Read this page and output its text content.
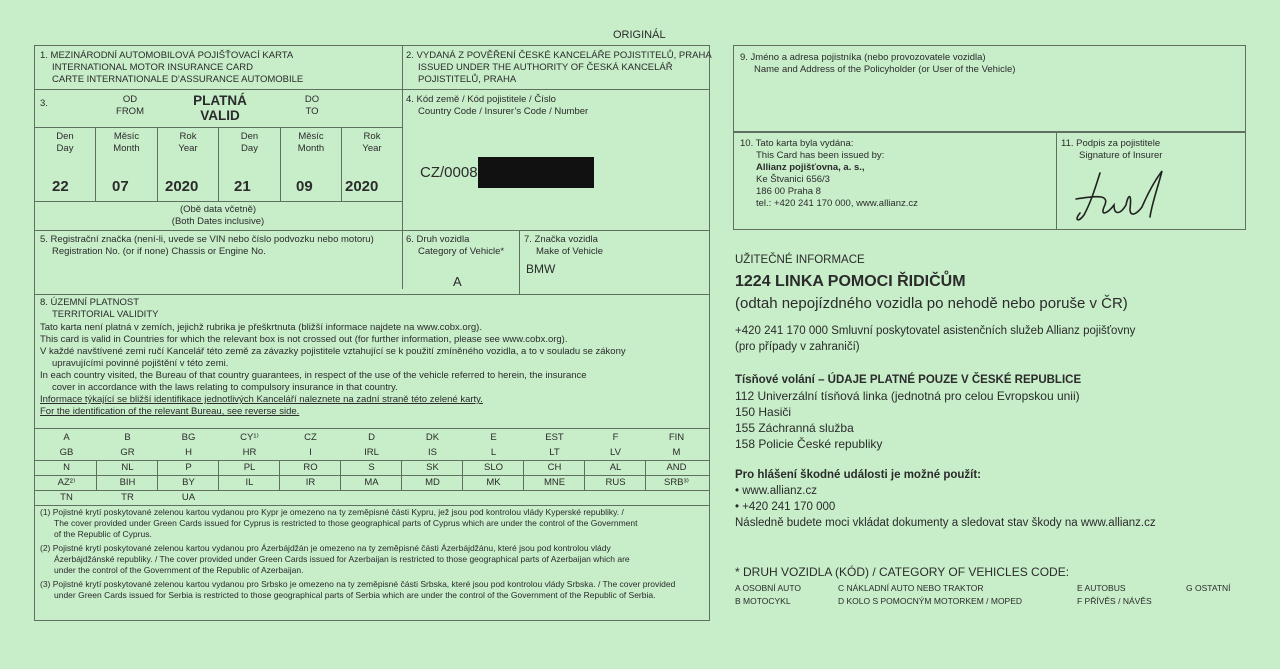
ORIGINÁL
1. MEZINÁRODNÍ AUTOMOBILOVÁ POJIŠŤOVACÍ KARTA
INTERNATIONAL MOTOR INSURANCE CARD
CARTE INTERNATIONALE D’ASSURANCE AUTOMOBILE
2. VYDANÁ Z POVĚŘENÍ ČESKÉ KANCELÁŘE POJISTITELŮ, PRAHA
ISSUED UNDER THE AUTHORITY OF ČESKÁ KANCELÁŘ
POJISTITELŮ, PRAHA
3.	OD
FROM
PLATNÁ
VALID
DO
TO
Den
Day
Měsíc
Month
Rok
Year
Den
Day
Měsíc
Month
Rok
Year
22	07 2020 21	09 2020
(Obě data včetně)
(Both Dates inclusive)
4. Kód země / Kód pojistitele / Číslo
Country Code / Insurer’s Code / Number
CZ/0008
5. Registrační značka (není-li, uvede se VIN nebo číslo podvozku nebo motoru)
Registration No. (or if none) Chassis or Engine No.
6. Druh vozidla
Category of Vehicle*
A
7. Značka vozidla
Make of Vehicle
BMW
8. ÚZEMNÍ PLATNOST
TERRITORIAL VALIDITY
Tato karta není platná v zemích, jejichž rubrika je přeškrtnuta (bližší informace najdete na www.cobx.org).
This card is valid in Countries for which the relevant box is not crossed out (for further information, please see www.cobx.org).
V každé navštívené zemi ručí Kancelář této země za závazky pojistitele vztahující se k použití zmíněného vozidla, a to v souladu se zákony
upravujícími povinné pojištění v této zemi.
In each country visited, the Bureau of that country guarantees, in respect of the use of the vehicle referred to herein, the insurance
cover in accordance with the laws relating to compulsory insurance in that country.
Informace týkající se bližší identifikace jednotlivých Kanceláří naleznete na zadní straně této zelené karty.
For the identification of the relevant Bureau, see reverse side.
A	B	BG	CY¹⁾	CZ	D	DK	E	EST	F	FIN
GB	GR	H	HR	I	IRL	IS	L	LT	LV	M
N	NL	P	PL	RO	S	SK	SLO	CH	AL	AND
AZ²⁾	BIH	BY	IL	IR	MA	MD	MK	MNE	RUS	SRB³⁾
TN	TR	UA
(1) Pojistné krytí poskytované zelenou kartou vydanou pro Kypr je omezeno na ty zeměpisné části Kypru, jež jsou pod kontrolou vlády Kyperské republiky. /
The cover provided under Green Cards issued for Cyprus is restricted to those geographical parts of Cyprus which are under the control of the Government
of the Republic of Cyprus.
(2) Pojistné krytí poskytované zelenou kartou vydanou pro Ázerbájdžán je omezeno na ty zeměpisné části Ázerbájdžánu, které jsou pod kontrolou vlády
Ázerbájdžánské republiky. / The cover provided under Green Cards issued for Azerbaijan is restricted to those geographical parts of Azerbaijan which are
under the control of the Government of the Republic of Azerbaijan.
(3) Pojistné krytí poskytované zelenou kartou vydanou pro Srbsko je omezeno na ty zeměpisné části Srbska, které jsou pod kontrolou vlády Srbska. / The cover provided
under Green Cards issued for Serbia is restricted to those geographical parts of Serbia which are under the control of the Government of the Republic of Serbia.
9. Jméno a adresa pojistníka (nebo provozovatele vozidla)
Name and Address of the Policyholder (or User of the Vehicle)
10. Tato karta byla vydána:
This Card has been issued by:
Allianz pojišťovna, a. s.,
Ke Štvanici 656/3
186 00 Praha 8
tel.: +420 241 170 000, www.allianz.cz
11. Podpis za pojistitele
Signature of Insurer
UŽITEČNÉ INFORMACE
1224 LINKA POMOCI ŘIDIČŮM
(odtah nepojízdného vozidla po nehodě nebo poruše v ČR)
+420 241 170 000 Smluvní poskytovatel asistenčních služeb Allianz pojišťovny
(pro případy v zahraničí)
Tísňové volání – ÚDAJE PLATNÉ POUZE V ČESKÉ REPUBLICE
112 Univerzální tísňová linka (jednotná pro celou Evropskou unii)
150 Hasiči
155 Záchranná služba
158 Policie České republiky
Pro hlášení škodné události je možné použít:
• www.allianz.cz
• +420 241 170 000
Následně budete moci vkládat dokumenty a sledovat stav škody na www.allianz.cz
* DRUH VOZIDLA (KÓD) / CATEGORY OF VEHICLES CODE:
A OSOBNÍ AUTO
B MOTOCYKL
C NÁKLADNÍ AUTO NEBO TRAKTOR
D KOLO S POMOCNÝM MOTORKEM / MOPED
E AUTOBUS
F PŘÍVĚS / NÁVĚS
G OSTATNÍ
